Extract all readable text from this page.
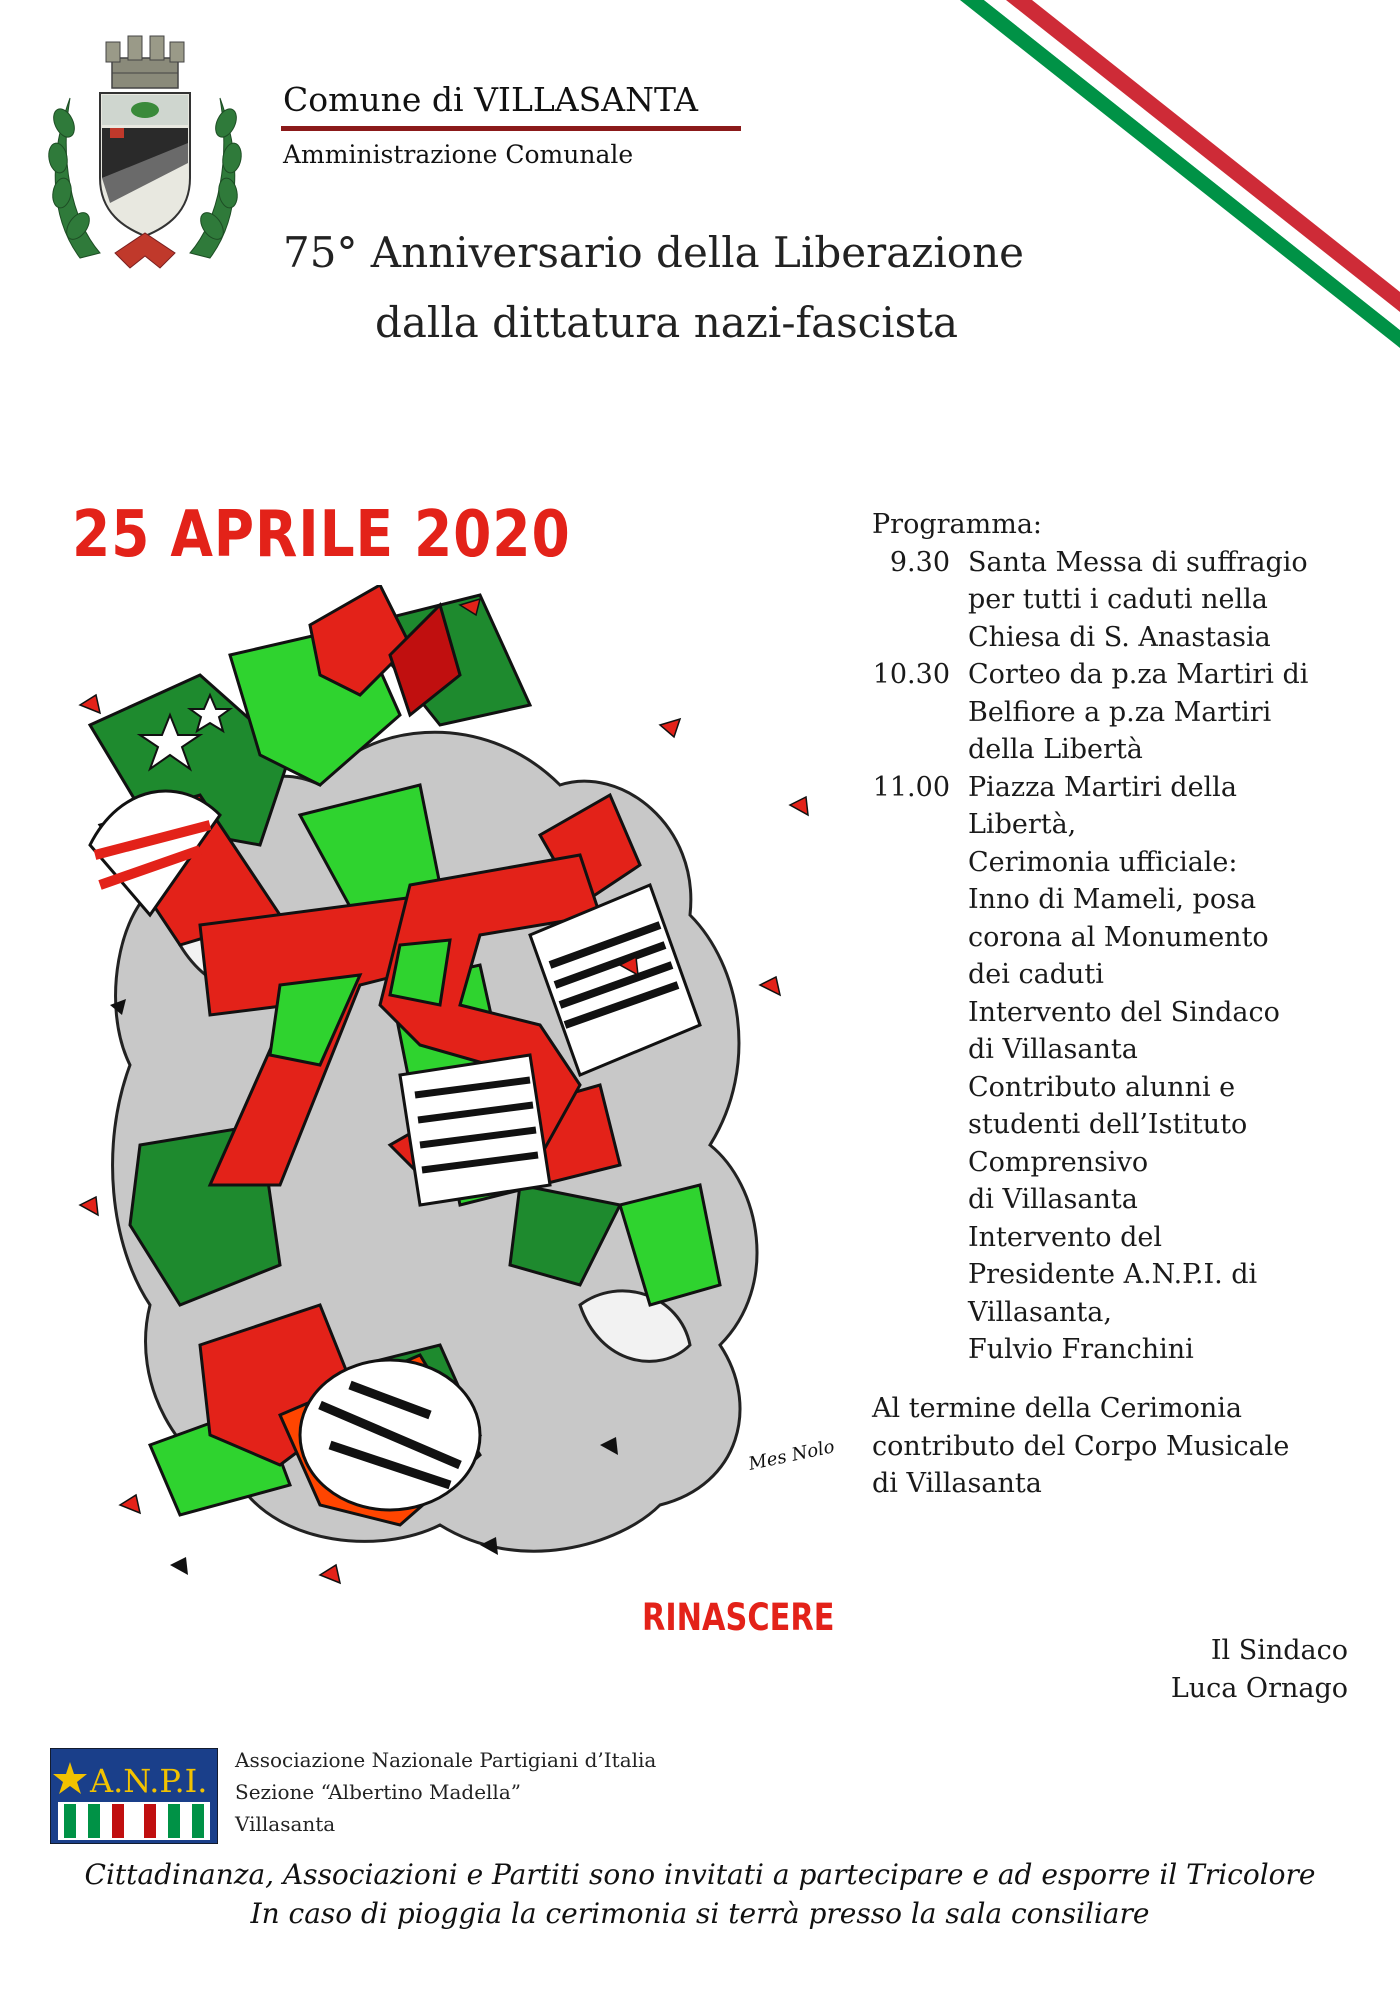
Comune di VILLASANTA
Amministrazione Comunale
75° Anniversario della Liberazione
dalla dittatura nazi-fascista
25 APRILE 2020
Mes Nolo
RINASCERE
Programma:
9.30 Santa Messa di suffragio
per tutti i caduti nella
Chiesa di S. Anastasia
10.30 Corteo da p.za Martiri di
Belfiore a p.za Martiri
della Libertà
11.00 Piazza Martiri della
Libertà,
Cerimonia ufficiale:
Inno di Mameli, posa
corona al Monumento
dei caduti
Intervento del Sindaco
di Villasanta
Contributo alunni e
studenti dell’Istituto
Comprensivo
di Villasanta
Intervento del
Presidente A.N.P.I. di
Villasanta,
Fulvio Franchini
Al termine della Cerimonia
contributo del Corpo Musicale
di Villasanta
Il Sindaco
Luca Ornago
A.N.P.I.
Associazione Nazionale Partigiani d’Italia
Sezione “Albertino Madella”
Villasanta
Cittadinanza, Associazioni e Partiti sono invitati a partecipare e ad esporre il Tricolore
In caso di pioggia la cerimonia si terrà presso la sala consiliare
